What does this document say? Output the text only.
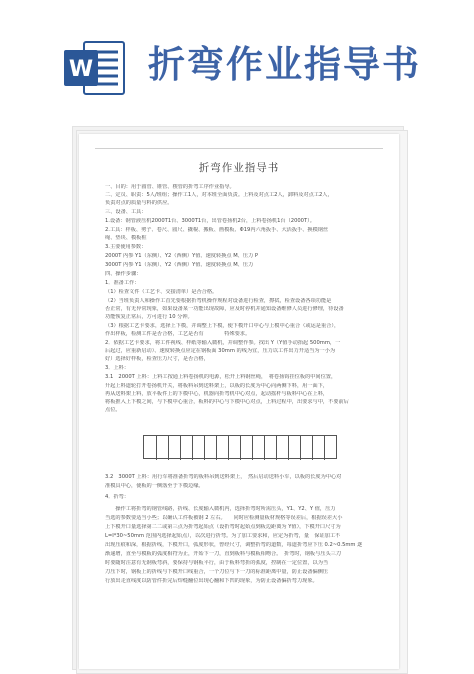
W 折弯作业指导书
折弯作业指导书
一、目的：用于圆管、锥管、梭管的折弯工序作业指导。
二、定员、职责：5人/班组；操作工1人，对本班全面负责。上料及对点工2人，卸料及对点工2人，
负责对点的质量与料的供应。
三、设备、工具：
1.设备：钢管液压机2000T1台、3000T1台，出管卷扬机2台，上料卷扬机1台（2000T）。
2.工具：样板、剪子、卷尺、圆尺、撬棍、搬板、画模板、Φ19内六角扳手、大活扳手、换模钢丝
绳、垫块、模板桩
3.主要使用参数：
2000T 内参 Y1（东侧）、Y2（西侧）Y值、速度转换点 M、压力 P
3000T 内参 Y1（东侧）、Y2（西侧）Y值、速度转换点 M、压力
四、操作步骤：
1．准备工作：
（1）检查文件（工艺卡、交接清单）是否合格。
（2）当班负责人和操作工首先要根据折弯机操作规程对设备进行检查，擦拭，检查设备各项功能是
否正常，有无异常现象，如果设备某一功能出现故障，应及时停机并通知设备维修人员进行修理，待设备
功能恢复正常后，方可进行 10 分钟。
（3）根据工艺卡要求，选择上下模，并调整上下模，使下模开口中心与上模中心重合（或运是重合），
作出样板，检测工件是否合格，工艺是否有　　　　特殊要求。
2．依据工艺卡要求，将工件视线、样纸等输入微机，并调整作参。找出 Y（Y值手动抬起 500mm，一
后起过，应重新启动）、速度转换点应定在钢板面 30mm 的线为宜，压力以工件出力开适当为一小为
好）选择好样板，检查压力尺寸，是否合格，
3．上料：
3.1　2000T 上料：上料工按通上料卷扬机的电源，松开上料钢丝绳，　将卷扬钩挂位板的中间位置，
升起上料道轮打开卷扬机开关，将板料吊到送料架上，以板的长度为中心向两侧下料，用一面下，
再从送料架上料，放平板件上的下模中心，机器向折弯机中心对点，起动摇杆与板料中心在上料，
将板推入上下模之间，与下模中心重合，板料的中心与下模中心对点，上料过程中，出要求与中，不要前后
点位。
3.2　3000T 上料：用行车将准备折弯的板料吊到送料架上，　然后启动送料小车，以板的长度为中心对
准模具中心，使板的一侧落至于下模边缘。
4．折弯：
　　操作工将折弯的钢管线路，折线、长度输入微机内，选择折弯时所需压头，Y1、Y2、Y 值，压力
当选的参数要适当小些；以确认工件板被钢 2 左右。　　同时应检测量板材规格等误差后，根据误差大小
上下模开口量选择第二二或第三点为折弯起始点（设折弯时起始点到板边距离为 Y值），下模开口尺寸为
L=I*30~50mm 范围内选择起始点），以次进行折弯。为了加工要求和，应定为折弯，量　保证加工不
出现压痕和深，根据折线，下模开口，弧度形状，曾经尺寸，调整折弯的道数，每道折弯应下压 0.2~0.5mm 逐
渐递增，直至与模板的弧度相符为止，开始下一刀，直到板料与模板相吻合。　折弯时，钢板与压头三刀
时要随时注意有无钢板弯斜，要保持与钢板平行，由于板料弯折的弧度，控制在一定位置，以为当
刀压下时，钢板上的折线与下模开口线重合，一个刀位与下一刀的标准距离中量，防止设备偏侧压
行放出走直线度以防管件折完后焊缝翻位出现心翻和下凹的现象，为防止设备偏折弯力现象。
